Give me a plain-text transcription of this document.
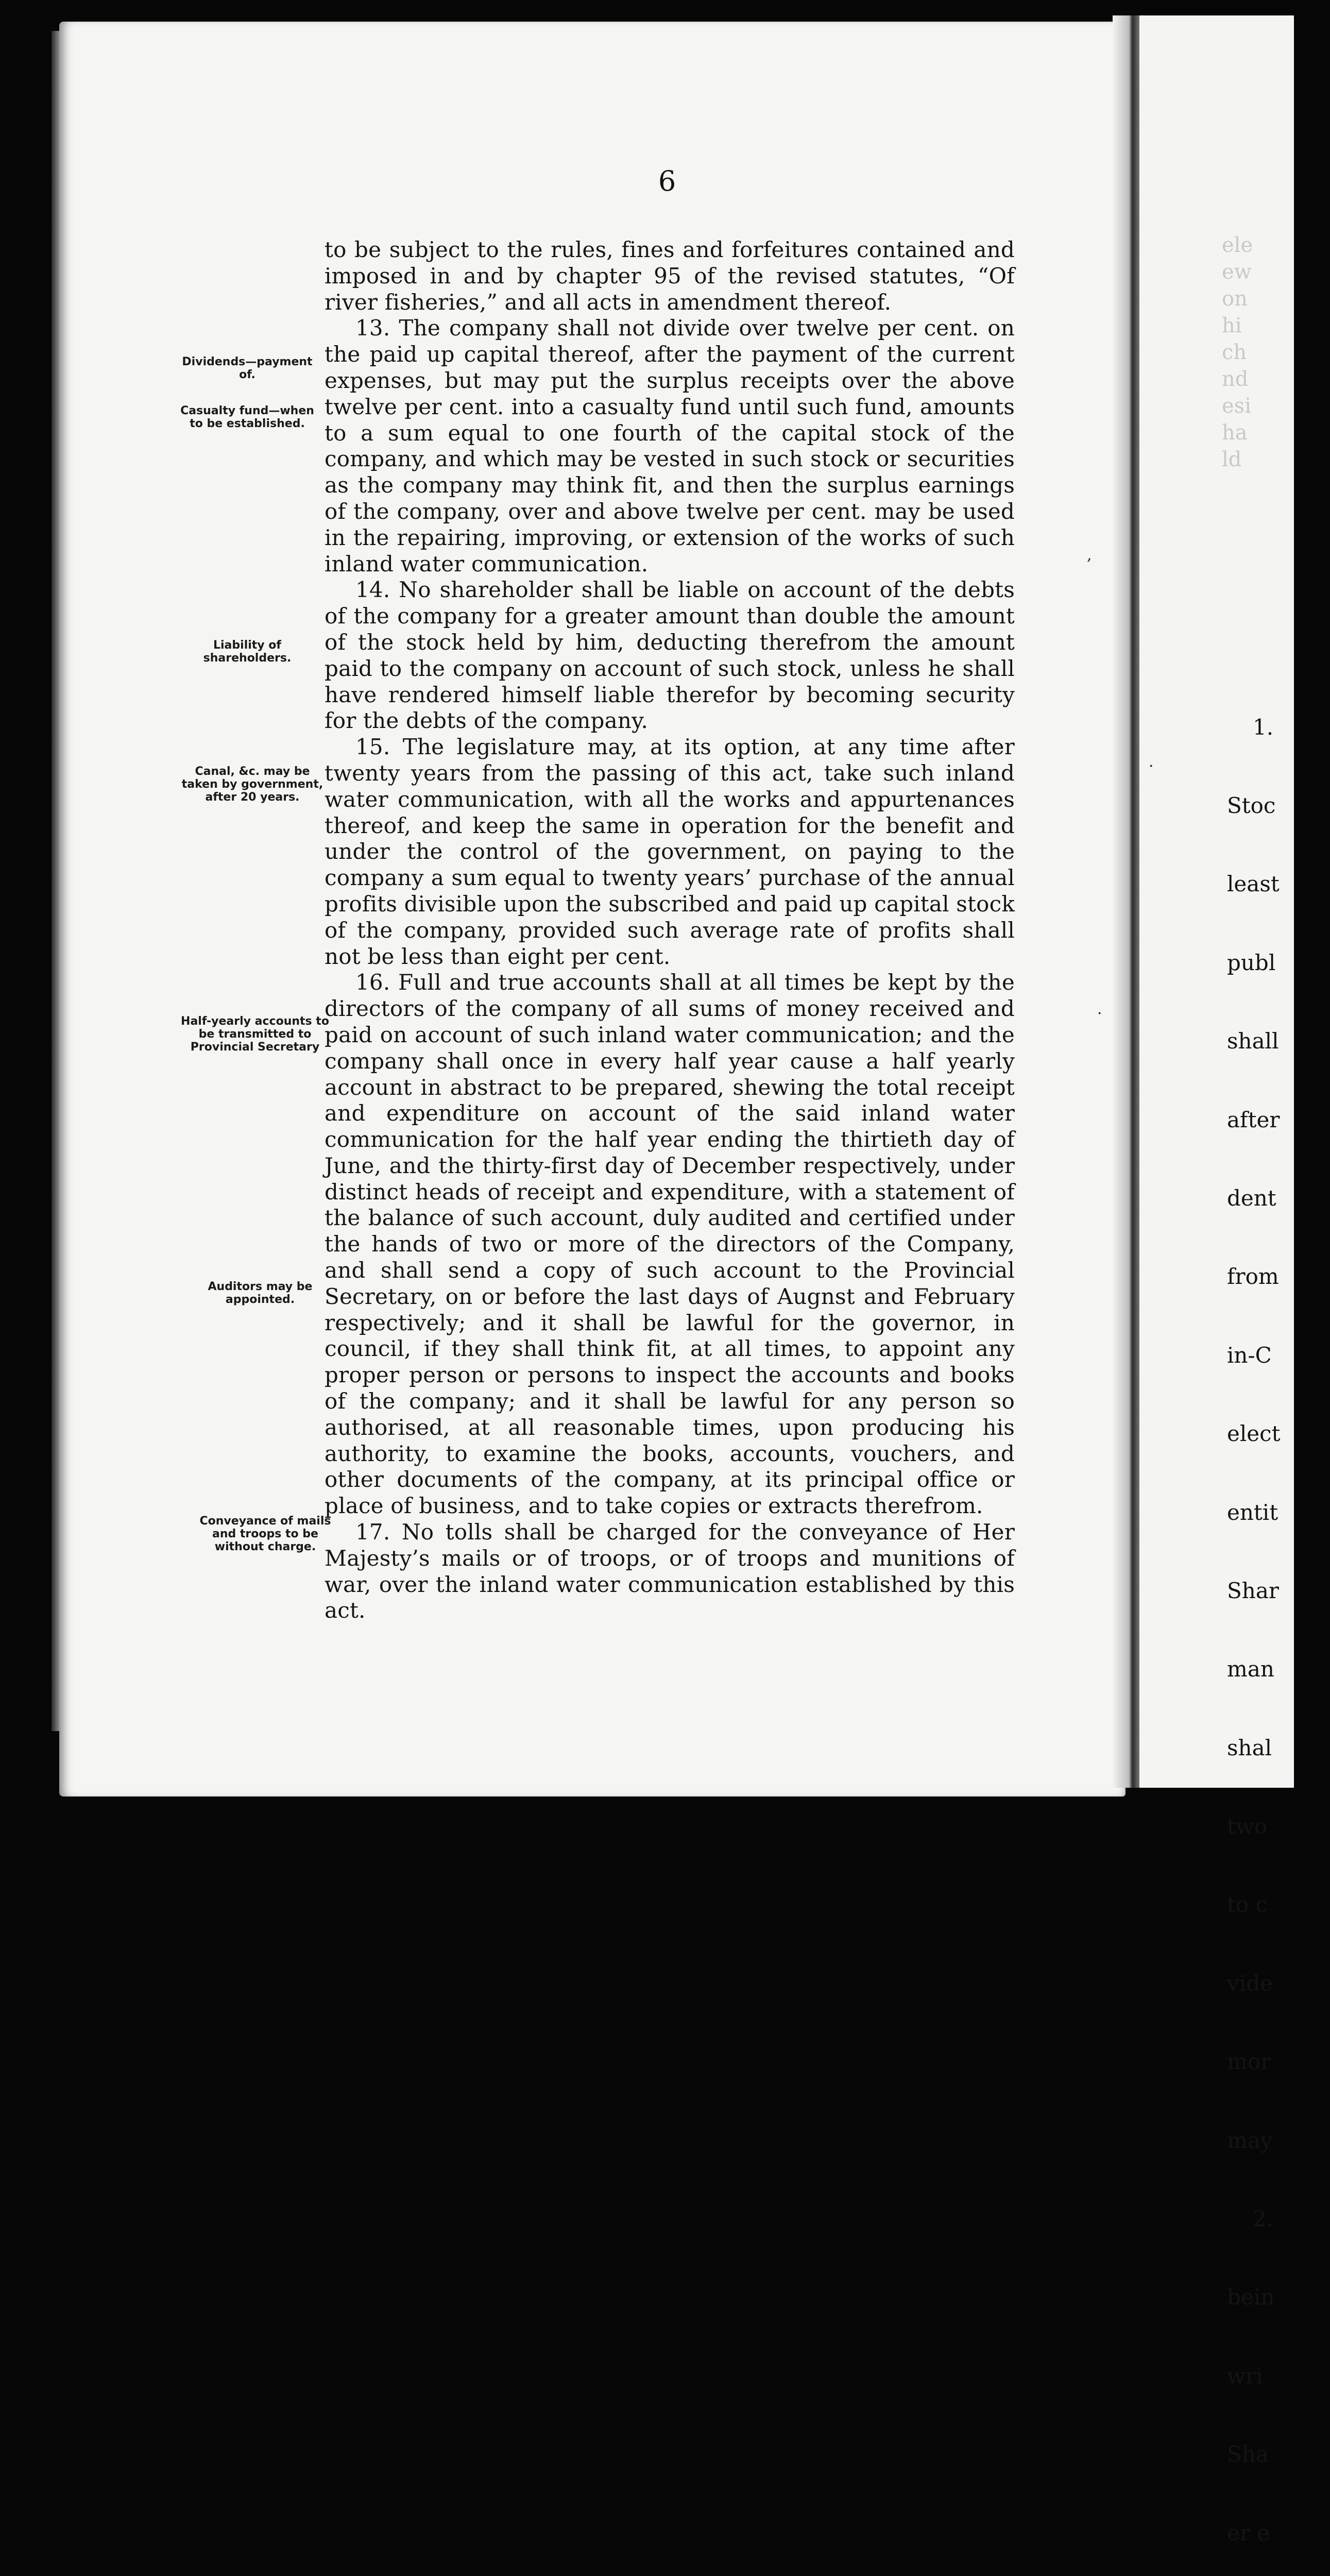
ele
ew
on
hi
ch
nd
esi
ha
ld

1.

Stoc

least

publ

shall

after

dent

from

in-C

elect

entit

Shar

man

shal

two

to c

vide

mor

may

2.

bein

wri

Sha

er e

6

to be subject to the rules, fines and forfeitures contained and imposed in and by chapter 95 of the revised statutes, “Of river fisheries,” and all acts in amendment thereof.

13. The company shall not divide over twelve per cent. on the paid up capital thereof, after the payment of the current expenses, but may put the surplus receipts over the above twelve per cent. into a casualty fund until such fund, amounts to a sum equal to one fourth of the capital stock of the company, and which may be vested in such stock or securities as the company may think fit, and then the surplus earnings of the company, over and above twelve per cent. may be used in the repairing, improving, or extension of the works of such inland water communication.

14. No shareholder shall be liable on account of the debts of the company for a greater amount than double the amount of the stock held by him, deducting therefrom the amount paid to the company on account of such stock, unless he shall have rendered himself liable therefor by becoming security for the debts of the company.

15. The legislature may, at its option, at any time after twenty years from the passing of this act, take such inland water communication, with all the works and appurtenances thereof, and keep the same in operation for the benefit and under the control of the government, on paying to the company a sum equal to twenty years’ purchase of the annual profits divisible upon the subscribed and paid up capital stock of the company, provided such average rate of profits shall not be less than eight per cent.

16. Full and true accounts shall at all times be kept by the directors of the company of all sums of money received and paid on account of such inland water communication; and the company shall once in every half year cause a half yearly account in abstract to be prepared, shewing the total receipt and expenditure on account of the said inland water communication for the half year ending the thirtieth day of June, and the thirty-first day of December respectively, under distinct heads of receipt and expenditure, with a statement of the balance of such account, duly audited and certified under the hands of two or more of the directors of the Company, and shall send a copy of such account to the Provincial Secretary, on or before the last days of Augnst and February respectively; and it shall be lawful for the governor, in council, if they shall think fit, at all times, to appoint any proper person or persons to inspect the accounts and books of the company; and it shall be lawful for any person so authorised, at all reasonable times, upon producing his authority, to examine the books, accounts, vouchers, and other documents of the company, at its principal office or place of business, and to take copies or extracts therefrom.

17. No tolls shall be charged for the conveyance of Her Majesty’s mails or of troops, or of troops and munitions of war, over the inland water communication established by this act.

Dividends—payment of.
Casualty fund—when to be established.
Liability of shareholders.
Canal, &c. may be taken by government, after 20 years.
Half-yearly accounts to be transmitted to Provincial Secretary
Auditors may be appointed.
Conveyance of mails and troops to be without charge.
,
·
·
